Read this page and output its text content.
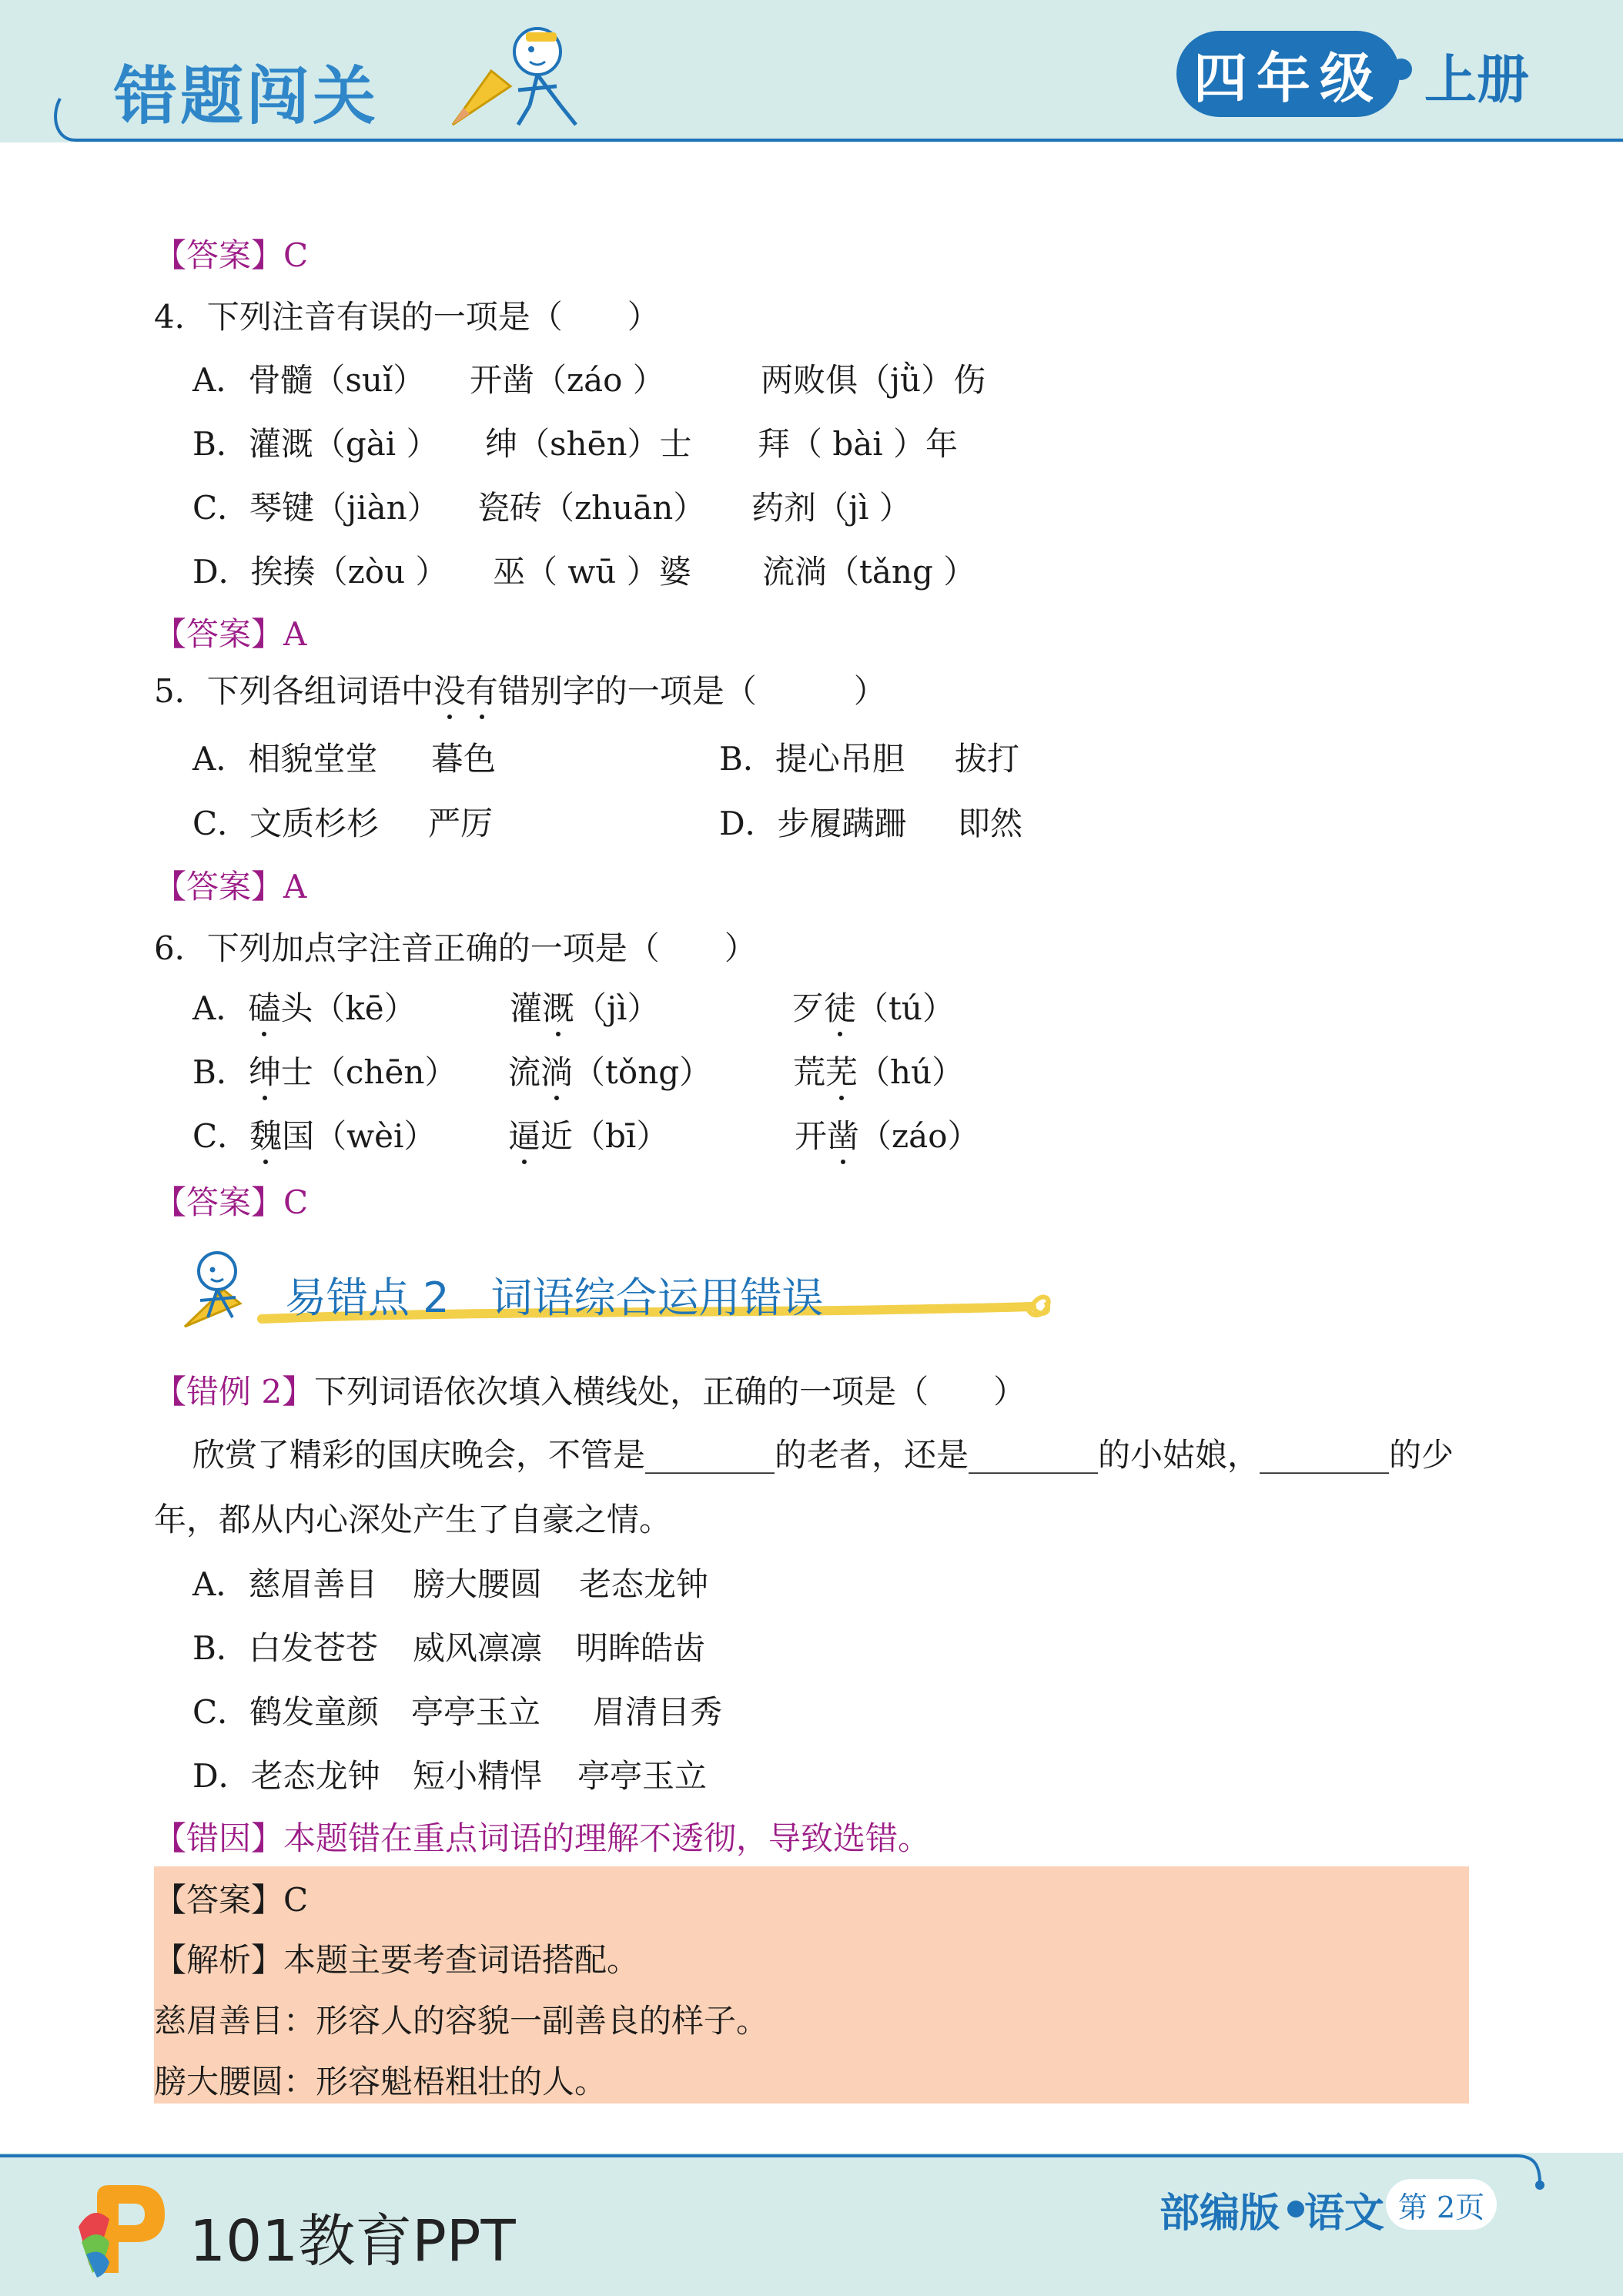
错题闯关	四年级 上册
【答案】C
4．下列注音有误的一项是（　　）
A．骨髓（suǐ） 开凿（záo ）	两败俱（jǜ）伤
B．灌溉（gài ） 绅（shēn）士 拜（ bài ）年
C．琴键（jiàn） 瓷砖（zhuān） 药剂（jì ）
D．挨揍（zòu ） 巫（ wū ）婆 流淌（tǎng ）
【答案】A
5．下列各组词语中没有错别字的一项是（　　　）
A．相貌堂堂 暮色	B．提心吊胆 拔打
C．文质杉杉 严厉	D．步履蹒跚 即然
【答案】A
6．下列加点字注音正确的一项是（　　）
A．磕头（kē）	灌溉（jì）	歹徒（tú）
B．绅士（chēn） 流淌（tǒng）	荒芜（hú）
C．魏国（wèi） 逼近（bī）	开凿（záo）
【答案】C
易错点 2　词语综合运用错误
【错例 2】下列词语依次填入横线处，正确的一项是（　　）
欣赏了精彩的国庆晚会，不管是________的老者，还是________的小姑娘，________的少
年，都从内心深处产生了自豪之情。
A．慈眉善目 膀大腰圆 老态龙钟
B．白发苍苍 威风凛凛 明眸皓齿
C．鹤发童颜 亭亭玉立 眉清目秀
D．老态龙钟 短小精悍 亭亭玉立
【错因】本题错在重点词语的理解不透彻，导致选错。
【答案】C
【解析】本题主要考查词语搭配。
慈眉善目：形容人的容貌一副善良的样子。
膀大腰圆：形容魁梧粗壮的人。
101教育PPT	部编版 语文 第 2页
